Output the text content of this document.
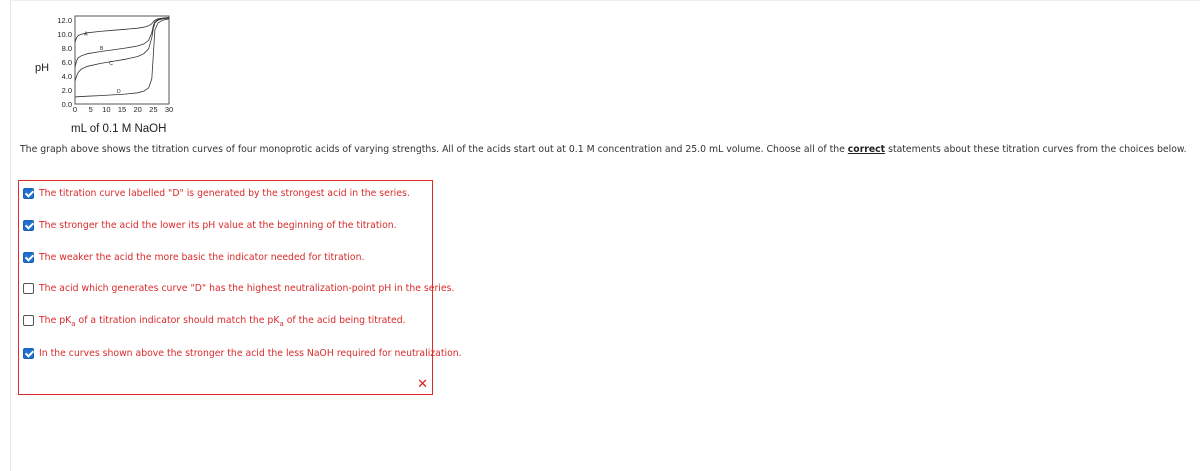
pH
0.0
2.0
4.0
6.0
8.0
10.0
12.0
0 5 10 15 20 25 30
A
B
C
D
mL of 0.1 M NaOH
The graph above shows the titration curves of four monoprotic acids of varying strengths. All of the acids start out at 0.1 M concentration and 25.0 mL volume. Choose all of the correct statements about these titration curves from the choices below.
The titration curve labelled "D" is generated by the strongest acid in the series.
The stronger the acid the lower its pH value at the beginning of the titration.
The weaker the acid the more basic the indicator needed for titration.
The acid which generates curve "D" has the highest neutralization-point pH in the series.
The $pK_a$ of a titration indicator should match the $pK_a$ of the acid being titrated.
In the curves shown above the stronger the acid the less NaOH required for neutralization.
✕
